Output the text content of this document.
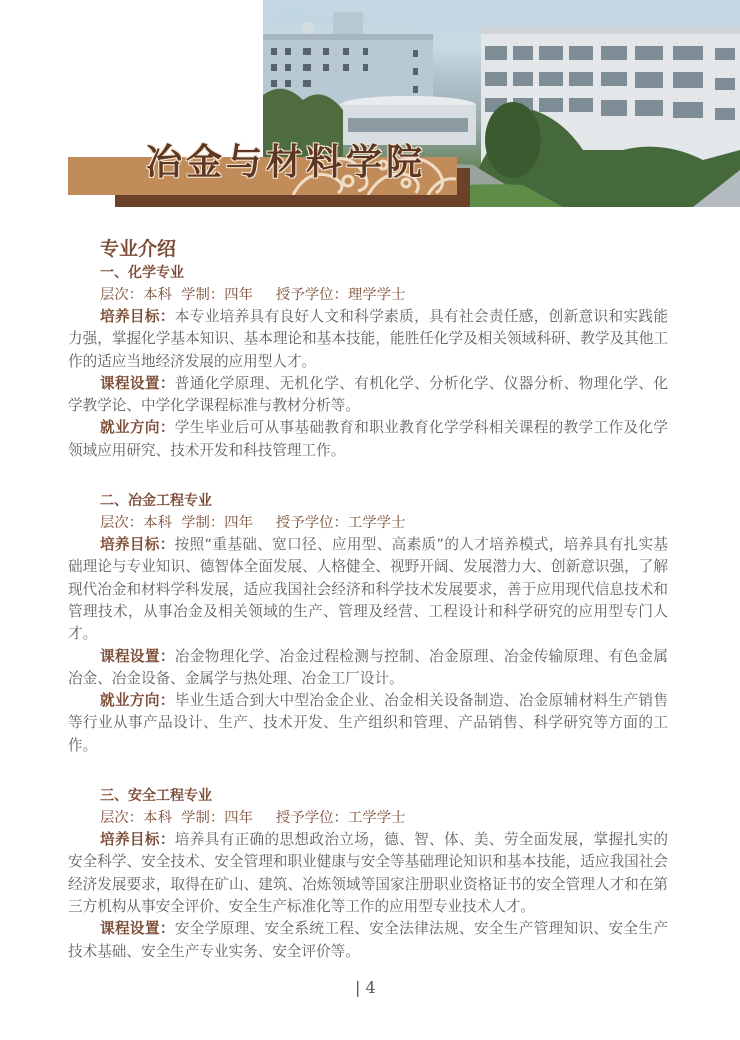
冶金与材料学院
专业介绍
一、化学专业
层次：本科  学制：四年     授予学位：理学学士

培养目标：本专业培养具有良好人文和科学素质，具有社会责任感，创新意识和实践能力强，掌握化学基本知识、基本理论和基本技能，能胜任化学及相关领域科研、教学及其他工作的适应当地经济发展的应用型人才。

课程设置：普通化学原理、无机化学、有机化学、分析化学、仪器分析、物理化学、化学教学论、中学化学课程标准与教材分析等。

就业方向：学生毕业后可从事基础教育和职业教育化学学科相关课程的教学工作及化学领域应用研究、技术开发和科技管理工作。

二、冶金工程专业
层次：本科  学制：四年     授予学位：工学学士

培养目标：按照“重基础、宽口径、应用型、高素质”的人才培养模式，培养具有扎实基础理论与专业知识、德智体全面发展、人格健全、视野开阔、发展潜力大、创新意识强，了解现代冶金和材料学科发展，适应我国社会经济和科学技术发展要求，善于应用现代信息技术和管理技术，从事冶金及相关领域的生产、管理及经营、工程设计和科学研究的应用型专门人才。

课程设置：冶金物理化学、冶金过程检测与控制、冶金原理、冶金传输原理、有色金属冶金、冶金设备、金属学与热处理、冶金工厂设计。

就业方向：毕业生适合到大中型冶金企业、冶金相关设备制造、冶金原辅材料生产销售等行业从事产品设计、生产、技术开发、生产组织和管理、产品销售、科学研究等方面的工作。

三、安全工程专业
层次：本科  学制：四年     授予学位：工学学士

培养目标：培养具有正确的思想政治立场，德、智、体、美、劳全面发展，掌握扎实的安全科学、安全技术、安全管理和职业健康与安全等基础理论知识和基本技能，适应我国社会经济发展要求，取得在矿山、建筑、冶炼领域等国家注册职业资格证书的安全管理人才和在第三方机构从事安全评价、安全生产标准化等工作的应用型专业技术人才。

课程设置：安全学原理、安全系统工程、安全法律法规、安全生产管理知识、安全生产技术基础、安全生产专业实务、安全评价等。

| 4
